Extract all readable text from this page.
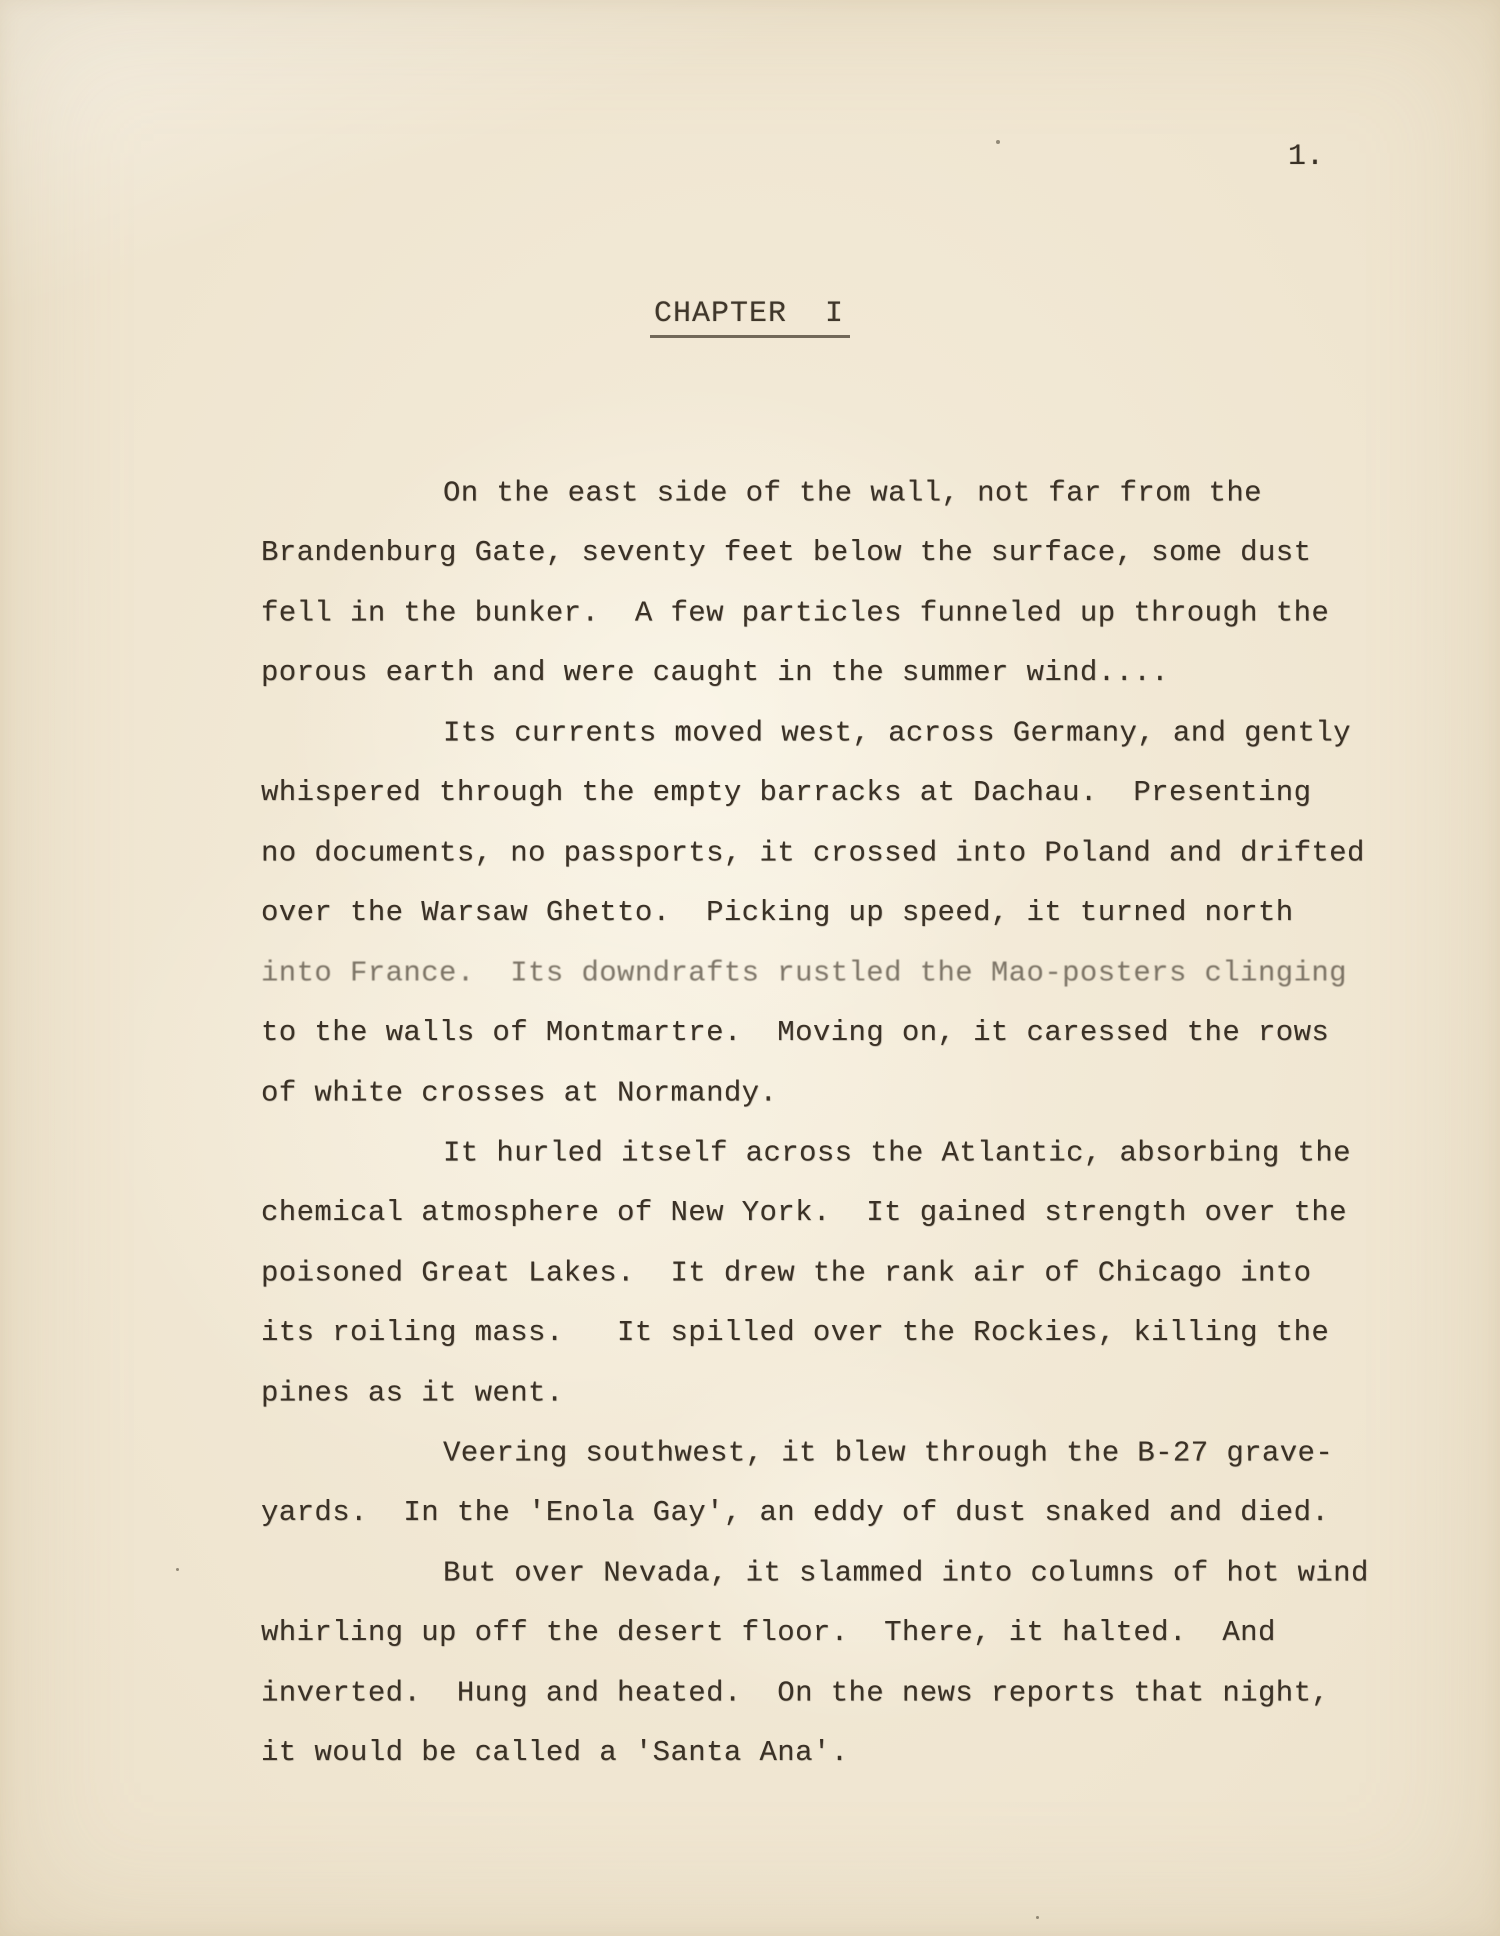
1.
CHAPTER  I
On the east side of the wall, not far from the
Brandenburg Gate, seventy feet below the surface, some dust
fell in the bunker.  A few particles funneled up through the
porous earth and were caught in the summer wind....
Its currents moved west, across Germany, and gently
whispered through the empty barracks at Dachau.  Presenting
no documents, no passports, it crossed into Poland and drifted
over the Warsaw Ghetto.  Picking up speed, it turned north
into France.  Its downdrafts rustled the Mao-posters clinging
to the walls of Montmartre.  Moving on, it caressed the rows
of white crosses at Normandy.
It hurled itself across the Atlantic, absorbing the
chemical atmosphere of New York.  It gained strength over the
poisoned Great Lakes.  It drew the rank air of Chicago into
its roiling mass.   It spilled over the Rockies, killing the
pines as it went.
Veering southwest, it blew through the B-27 grave-
yards.  In the 'Enola Gay', an eddy of dust snaked and died.
But over Nevada, it slammed into columns of hot wind
whirling up off the desert floor.  There, it halted.  And
inverted.  Hung and heated.  On the news reports that night,
it would be called a 'Santa Ana'.
